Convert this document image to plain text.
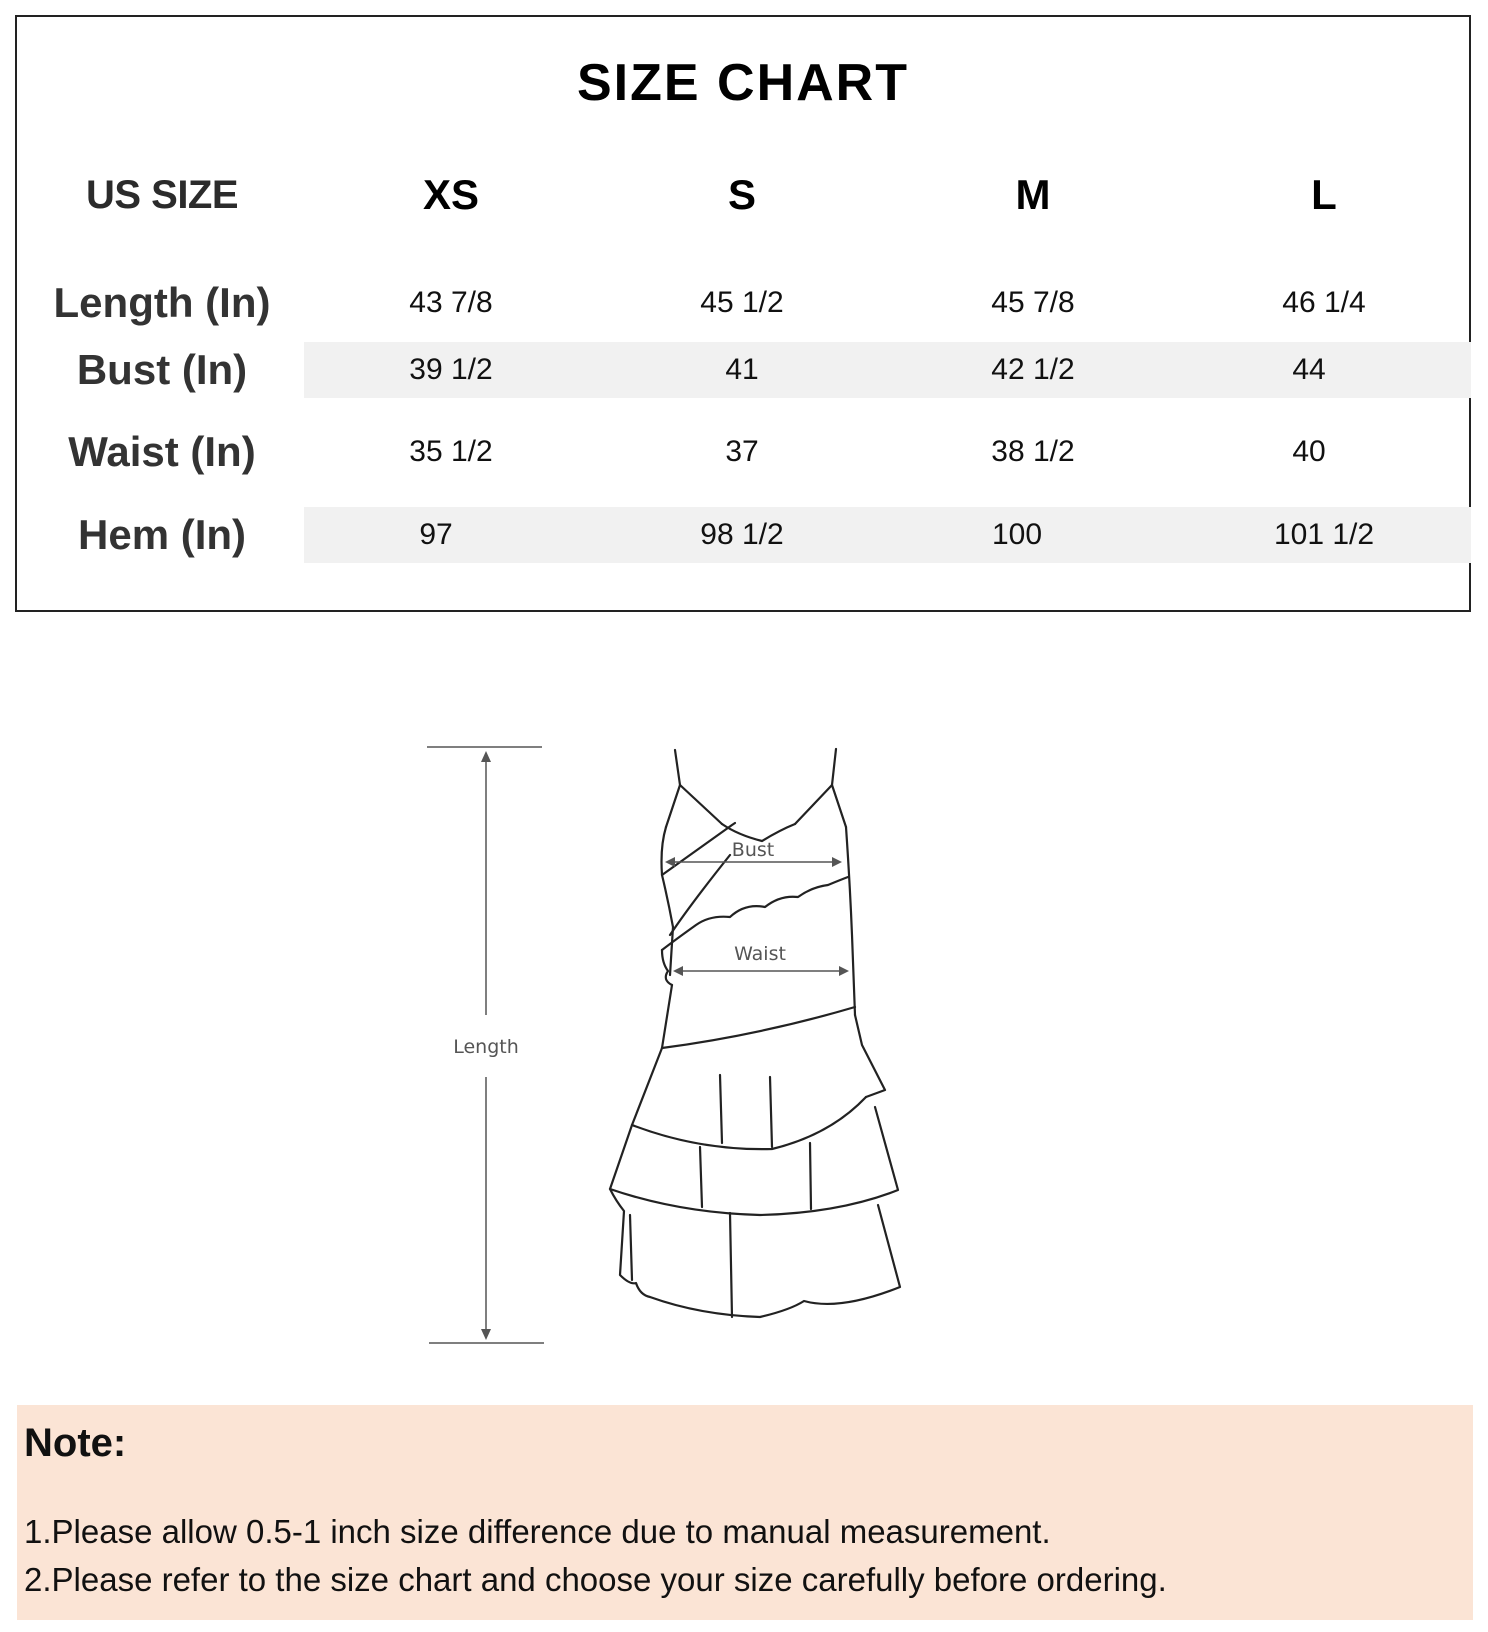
SIZE CHART
US SIZE	XS	S	M	L
Length (In)	43 7/8	45 1/2	45 7/8	46 1/4
Bust (In)	39 1/2	41	42 1/2	44
Waist (In)	35 1/2	37	38 1/2	40
Hem (In)	97	98 1/2	100	101 1/2
Length
Bust
Waist
Note:
1.Please allow 0.5-1 inch size difference due to manual measurement.
2.Please refer to the size chart and choose your size carefully before ordering.
